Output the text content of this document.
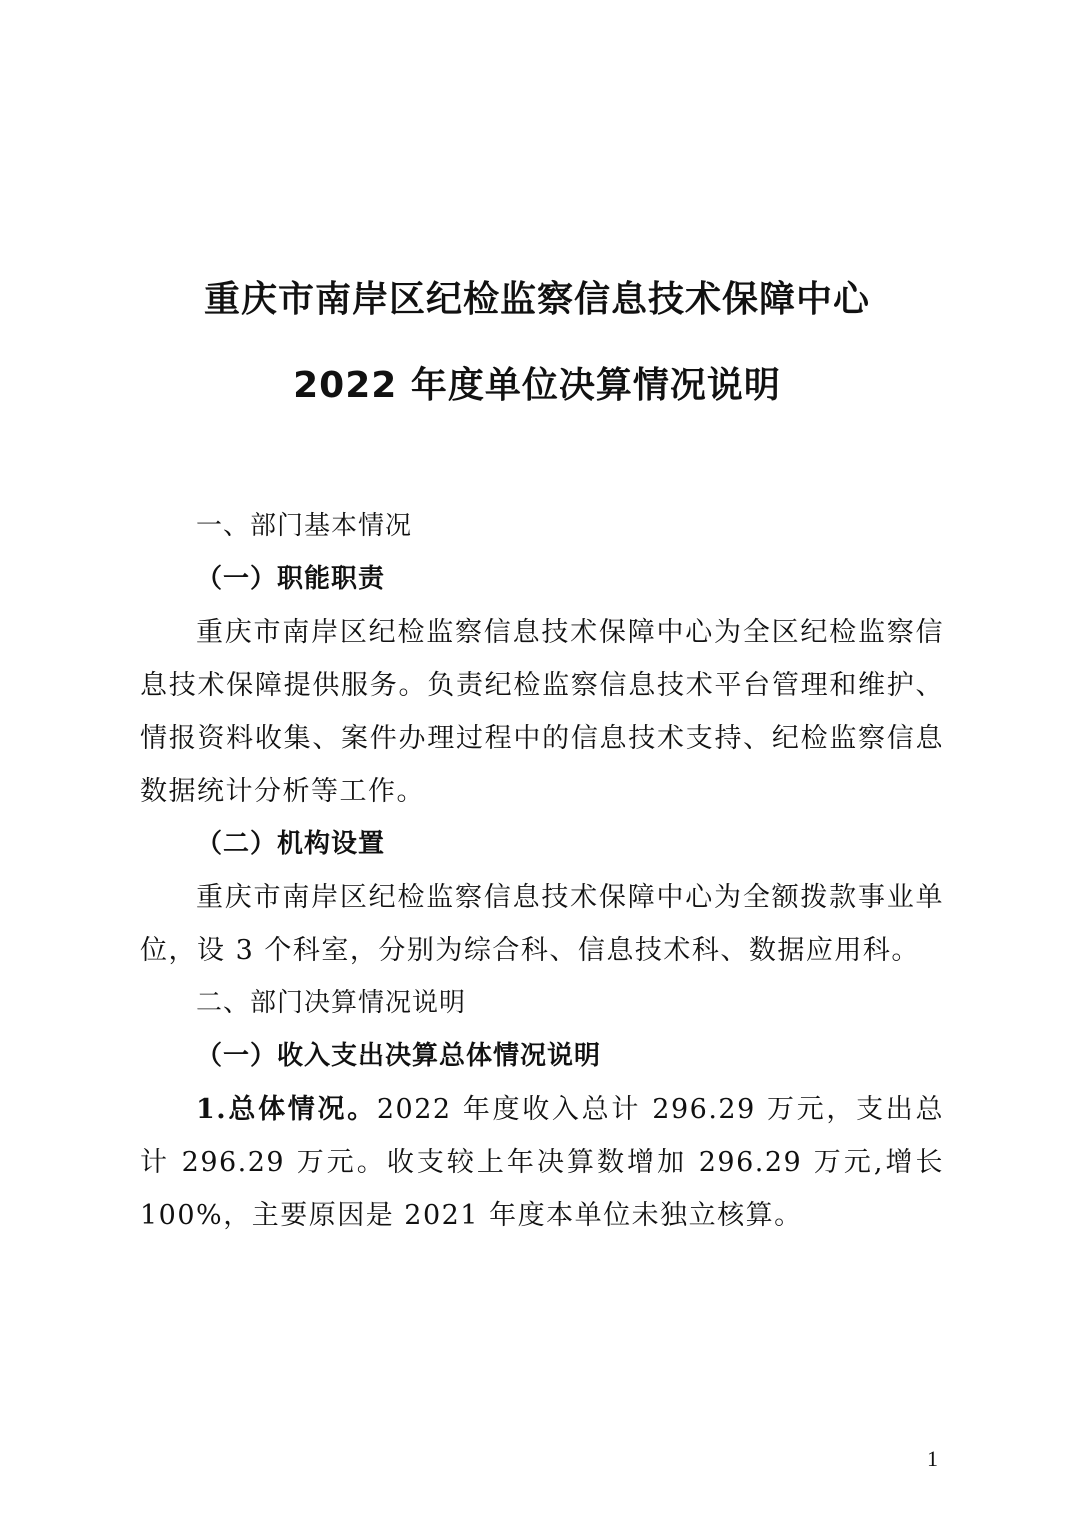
重庆市南岸区纪检监察信息技术保障中心
2022 年度单位决算情况说明

一、部门基本情况

（一）职能职责

重庆市南岸区纪检监察信息技术保障中心为全区纪检监察信息技术保障提供服务。负责纪检监察信息技术平台管理和维护、情报资料收集、案件办理过程中的信息技术支持、纪检监察信息数据统计分析等工作。

（二）机构设置

重庆市南岸区纪检监察信息技术保障中心为全额拨款事业单位，设 3 个科室，分别为综合科、信息技术科、数据应用科。

二、部门决算情况说明

（一）收入支出决算总体情况说明

1.总体情况。2022 年度收入总计 296.29 万元，支出总计 296.29 万元。收支较上年决算数增加 296.29 万元,增长 100%，主要原因是 2021 年度本单位未独立核算。

1
